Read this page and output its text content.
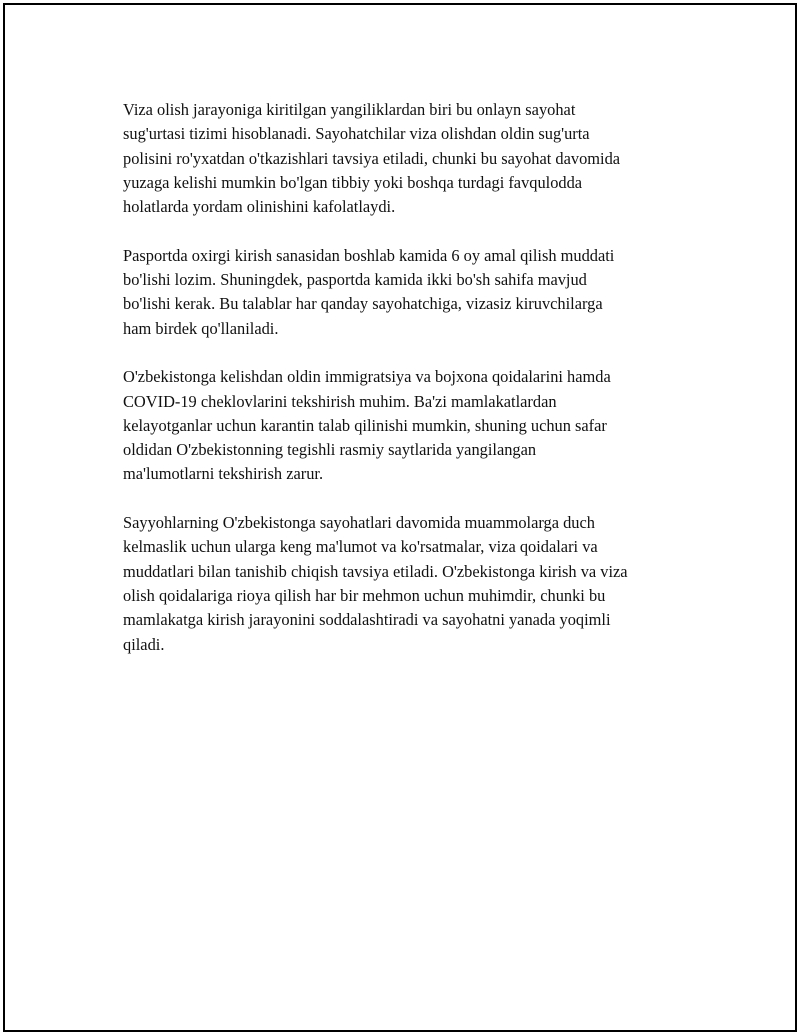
Viza olish jarayoniga kiritilgan yangiliklardan biri bu onlayn sayohat
sug'urtasi tizimi hisoblanadi. Sayohatchilar viza olishdan oldin sug'urta
polisini ro'yxatdan o'tkazishlari tavsiya etiladi, chunki bu sayohat davomida
yuzaga kelishi mumkin bo'lgan tibbiy yoki boshqa turdagi favqulodda
holatlarda yordam olinishini kafolatlaydi.

Pasportda oxirgi kirish sanasidan boshlab kamida 6 oy amal qilish muddati
bo'lishi lozim. Shuningdek, pasportda kamida ikki bo'sh sahifa mavjud
bo'lishi kerak. Bu talablar har qanday sayohatchiga, vizasiz kiruvchilarga
ham birdek qo'llaniladi.

O'zbekistonga kelishdan oldin immigratsiya va bojxona qoidalarini hamda
COVID-19 cheklovlarini tekshirish muhim. Ba'zi mamlakatlardan
kelayotganlar uchun karantin talab qilinishi mumkin, shuning uchun safar
oldidan O'zbekistonning tegishli rasmiy saytlarida yangilangan
ma'lumotlarni tekshirish zarur.

Sayyohlarning O'zbekistonga sayohatlari davomida muammolarga duch
kelmaslik uchun ularga keng ma'lumot va ko'rsatmalar, viza qoidalari va
muddatlari bilan tanishib chiqish tavsiya etiladi. O'zbekistonga kirish va viza
olish qoidalariga rioya qilish har bir mehmon uchun muhimdir, chunki bu
mamlakatga kirish jarayonini soddalashtiradi va sayohatni yanada yoqimli
qiladi.
